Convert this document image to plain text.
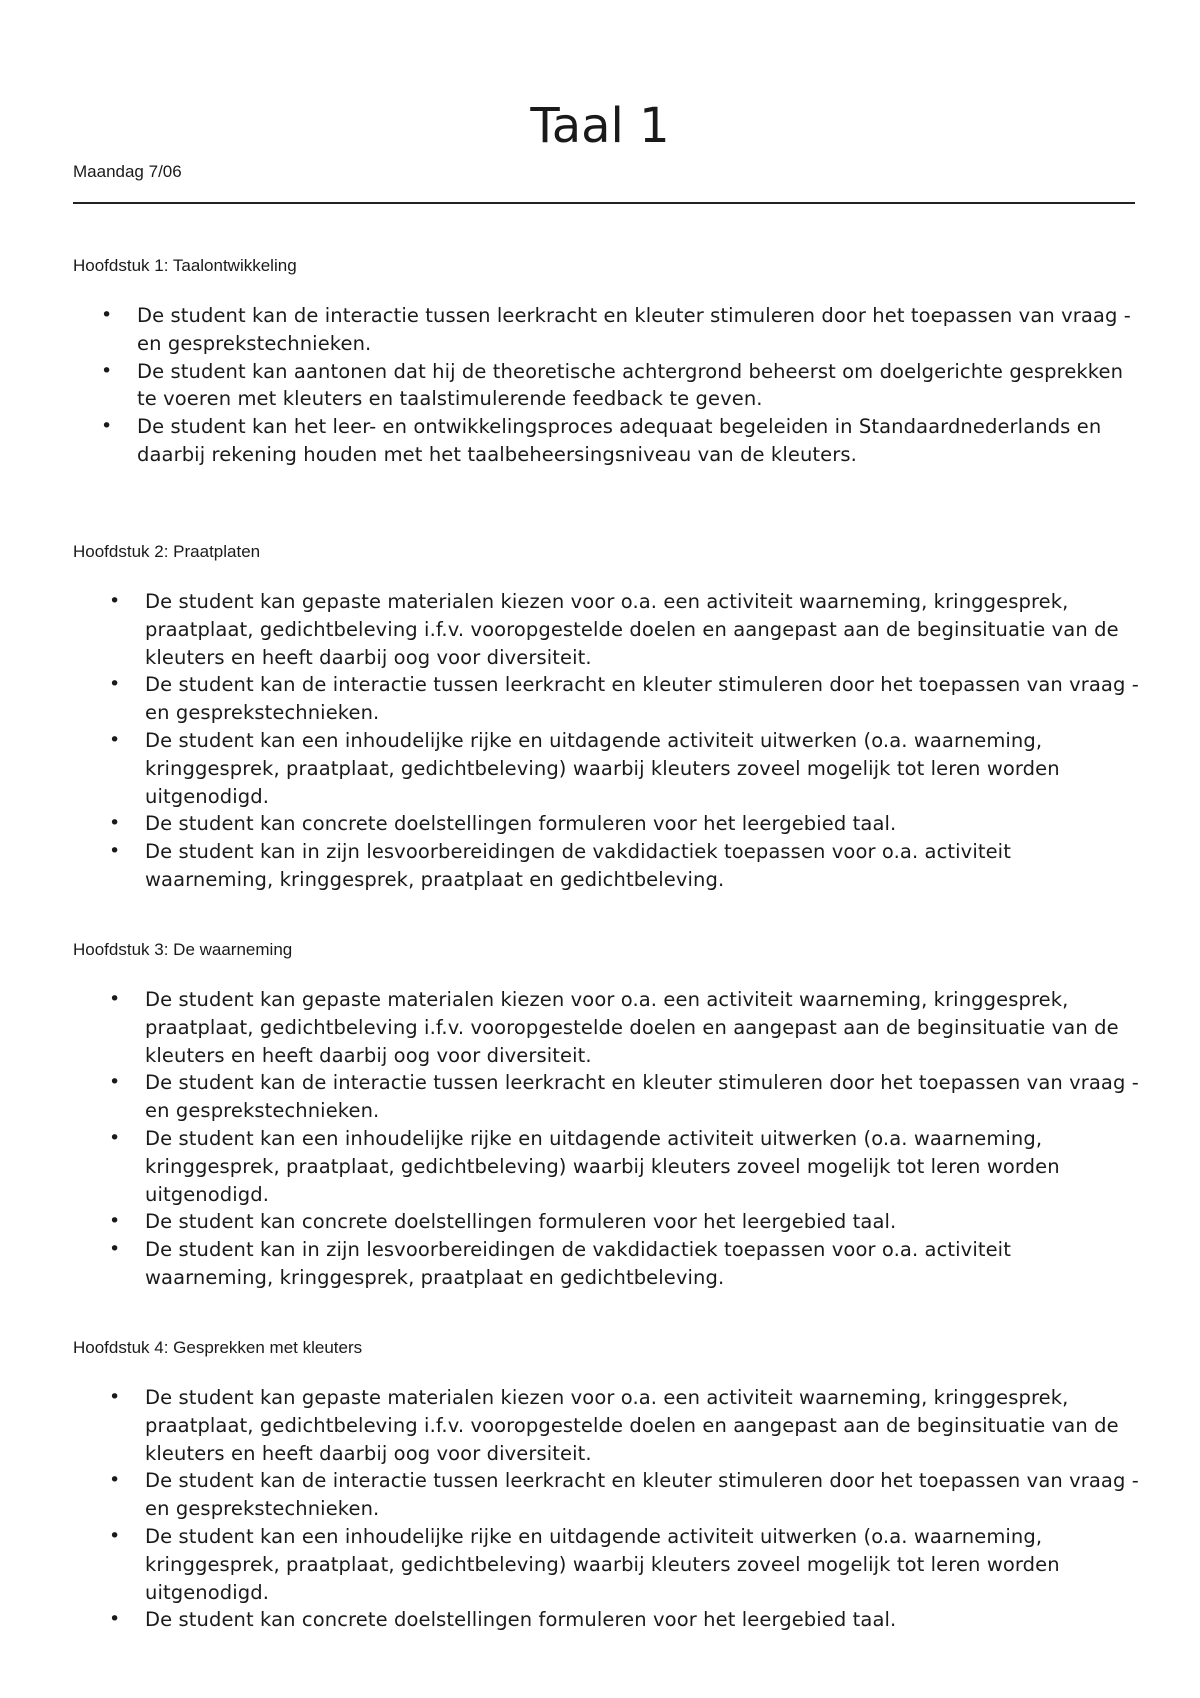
Taal 1

Maandag 7/06

Hoofdstuk 1: Taalontwikkeling
• De student kan de interactie tussen leerkracht en kleuter stimuleren door het toepassen van vraag - en gesprekstechnieken.
• De student kan aantonen dat hij de theoretische achtergrond beheerst om doelgerichte gesprekken te voeren met kleuters en taalstimulerende feedback te geven.
• De student kan het leer- en ontwikkelingsproces adequaat begeleiden in Standaardnederlands en daarbij rekening houden met het taalbeheersingsniveau van de kleuters.
Hoofdstuk 2: Praatplaten
• De student kan gepaste materialen kiezen voor o.a. een activiteit waarneming, kringgesprek, praatplaat, gedichtbeleving i.f.v. vooropgestelde doelen en aangepast aan de beginsituatie van de kleuters en heeft daarbij oog voor diversiteit.
• De student kan de interactie tussen leerkracht en kleuter stimuleren door het toepassen van vraag - en gesprekstechnieken.
• De student kan een inhoudelijke rijke en uitdagende activiteit uitwerken (o.a. waarneming, kringgesprek, praatplaat, gedichtbeleving) waarbij kleuters zoveel mogelijk tot leren worden uitgenodigd.
• De student kan concrete doelstellingen formuleren voor het leergebied taal.
• De student kan in zijn lesvoorbereidingen de vakdidactiek toepassen voor o.a. activiteit waarneming, kringgesprek, praatplaat en gedichtbeleving.
Hoofdstuk 3: De waarneming
• De student kan gepaste materialen kiezen voor o.a. een activiteit waarneming, kringgesprek, praatplaat, gedichtbeleving i.f.v. vooropgestelde doelen en aangepast aan de beginsituatie van de kleuters en heeft daarbij oog voor diversiteit.
• De student kan de interactie tussen leerkracht en kleuter stimuleren door het toepassen van vraag - en gesprekstechnieken.
• De student kan een inhoudelijke rijke en uitdagende activiteit uitwerken (o.a. waarneming, kringgesprek, praatplaat, gedichtbeleving) waarbij kleuters zoveel mogelijk tot leren worden uitgenodigd.
• De student kan concrete doelstellingen formuleren voor het leergebied taal.
• De student kan in zijn lesvoorbereidingen de vakdidactiek toepassen voor o.a. activiteit waarneming, kringgesprek, praatplaat en gedichtbeleving.
Hoofdstuk 4: Gesprekken met kleuters
• De student kan gepaste materialen kiezen voor o.a. een activiteit waarneming, kringgesprek, praatplaat, gedichtbeleving i.f.v. vooropgestelde doelen en aangepast aan de beginsituatie van de kleuters en heeft daarbij oog voor diversiteit.
• De student kan de interactie tussen leerkracht en kleuter stimuleren door het toepassen van vraag - en gesprekstechnieken.
• De student kan een inhoudelijke rijke en uitdagende activiteit uitwerken (o.a. waarneming, kringgesprek, praatplaat, gedichtbeleving) waarbij kleuters zoveel mogelijk tot leren worden uitgenodigd.
• De student kan concrete doelstellingen formuleren voor het leergebied taal.
